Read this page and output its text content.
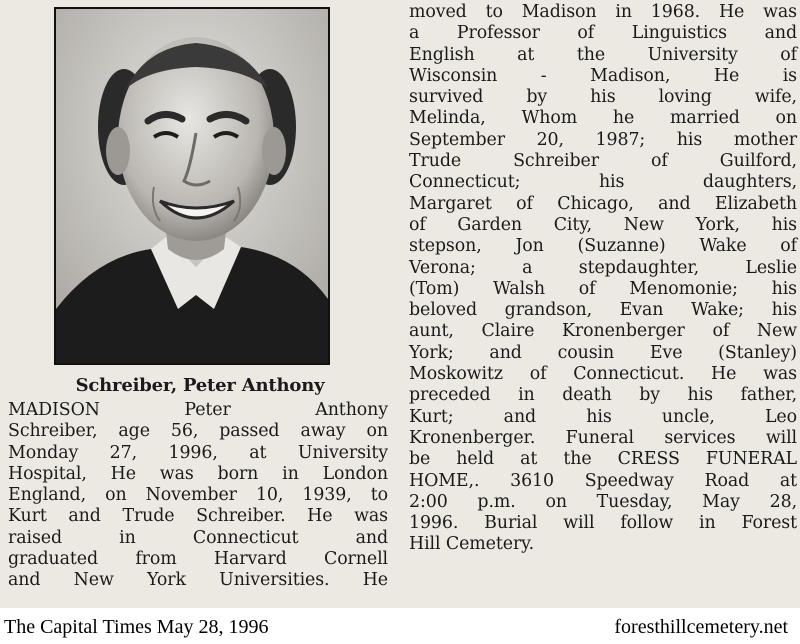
Schreiber, Peter Anthony
MADISON Peter Anthony
Schreiber, age 56, passed away on
Monday 27, 1996, at University
Hospital, He was born in London
England, on November 10, 1939, to
Kurt and Trude Schreiber. He was
raised in Connecticut and
graduated from Harvard Cornell
and New York Universities. He
moved to Madison in 1968. He was
a Professor of Linguistics and
English at the University of
Wisconsin - Madison, He is
survived by his loving wife,
Melinda, Whom he married on
September 20, 1987; his mother
Trude Schreiber of Guilford,
Connecticut; his daughters,
Margaret of Chicago, and Elizabeth
of Garden City, New York, his
stepson, Jon (Suzanne) Wake of
Verona; a stepdaughter, Leslie
(Tom) Walsh of Menomonie; his
beloved grandson, Evan Wake; his
aunt, Claire Kronenberger of New
York; and cousin Eve (Stanley)
Moskowitz of Connecticut. He was
preceded in death by his father,
Kurt; and his uncle, Leo
Kronenberger. Funeral services will
be held at the CRESS FUNERAL
HOME,. 3610 Speedway Road at
2:00 p.m. on Tuesday, May 28,
1996. Burial will follow in Forest
Hill Cemetery.
The Capital Times May 28, 1996	foresthillcemetery.net
